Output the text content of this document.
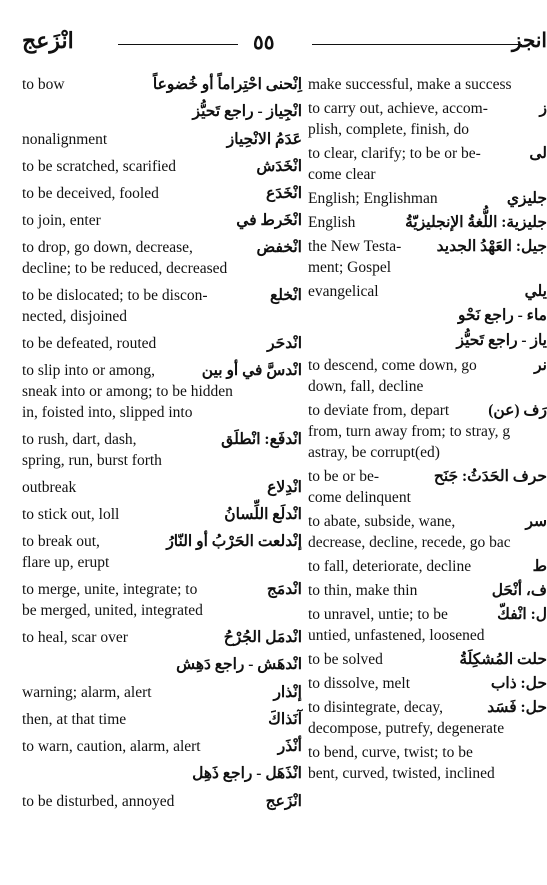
انْزَعج	٥٥	انجز
to bow	اِنْحنى احْتِراماً أو خُضوعاً
انْجِياز - راجع تَحيُّز
nonalignment	عَدَمُ الانْحِياز
to be scratched, scarified	انْخَدَش
to be deceived, fooled	انْخَدَع
to join, enter	انْخَرط في
to drop, go down, decrease,	انْخفض
decline; to be reduced, decreased
to be dislocated; to be discon-	انْخلع
nected, disjoined
to be defeated, routed	انْدحَر
to slip into or among,	انْدسَّ في أو بين
sneak into or among; to be hidden
in, foisted into, slipped into
to rush, dart, dash,	انْدفَع: انْطلَق
spring, run, burst forth
outbreak	انْدِلاع
to stick out, loll	انْدلَع اللِّسانُ
to break out,	إنْدلعت الحَرْبُ أو النّارُ
flare up, erupt
to merge, unite, integrate; to	انْدمَج
be merged, united, integrated
to heal, scar over	انْدمَل الجُرْحُ
انْدهَش - راجع دَهِش
warning; alarm, alert	إنْذار
then, at that time	آنَذاكَ
to warn, caution, alarm, alert	أنْذَر
انْذَهَل - راجع ذَهِل
to be disturbed, annoyed	انْزَعج
make successful, make a success
to carry out, achieve, accom-	ز
plish, complete, finish, do
to clear, clarify; to be or be-	لى
come clear
English; Englishman	جليزي
English	جليزية: اللُّغةُ الإنجليزيّةُ
the New Testa-	جيل: العَهْدُ الجديد
ment; Gospel
evangelical	يلي
ماء - راجع نَحْو
ياز - راجع تَحيُّز
to descend, come down, go	نر
down, fall, decline
to deviate from, depart	رَف (عن)
from, turn away from; to stray, g
astray, be corrupt(ed)
to be or be-	حرف الحَدَثُ: جَنَح
come delinquent
to abate, subside, wane,	سر
decrease, decline, recede, go bac
to fall, deteriorate, decline	ط
to thin, make thin	ف، أنْحَل
to unravel, untie; to be	ل: انْفكّ
untied, unfastened, loosened
to be solved	حلت المُشكِلَةُ
to dissolve, melt	حل: ذاب
to disintegrate, decay,	حل: فَسَد
decompose, putrefy, degenerate
to bend, curve, twist; to be
bent, curved, twisted, inclined
